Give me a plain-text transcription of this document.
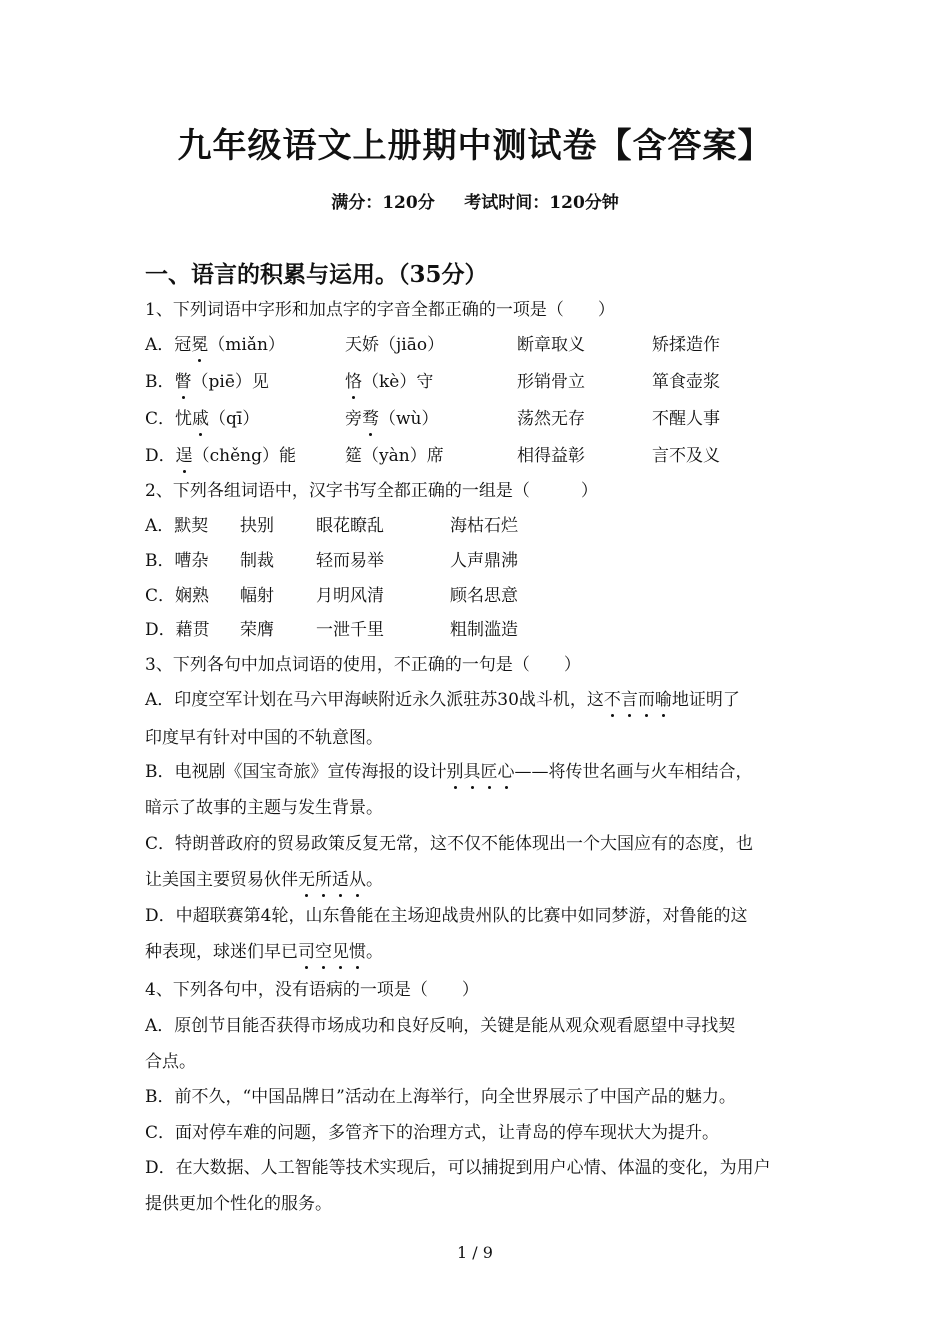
九年级语文上册期中测试卷【含答案】
满分：120分     考试时间：120分钟
一、语言的积累与运用。（35分）
1、下列词语中字形和加点字的字音全都正确的一项是（　　）
A．冠冕（miǎn）	天娇（jiāo）	断章取义	矫揉造作
B．瞥（piē）见	恪（kè）守	形销骨立	箪食壶浆
C．忧戚（qī）	旁骛（wù）	荡然无存	不醒人事
D．逞（chěng）能	筵（yàn）席	相得益彰	言不及义
2、下列各组词语中，汉字书写全都正确的一组是（　　　）
A．默契 抉别 眼花瞭乱	海枯石烂
B．嘈杂 制裁 轻而易举	人声鼎沸
C．娴熟 幅射 月明风清	顾名思意
D．藉贯 荣膺 一泄千里	粗制滥造
3、下列各句中加点词语的使用，不正确的一句是（　　）
A．印度空军计划在马六甲海峡附近永久派驻苏30战斗机，这不言而喻地证明了
印度早有针对中国的不轨意图。
B．电视剧《国宝奇旅》宣传海报的设计别具匠心——将传世名画与火车相结合，
暗示了故事的主题与发生背景。
C．特朗普政府的贸易政策反复无常，这不仅不能体现出一个大国应有的态度，也
让美国主要贸易伙伴无所适从。
D．中超联赛第4轮，山东鲁能在主场迎战贵州队的比赛中如同梦游，对鲁能的这
种表现，球迷们早已司空见惯。
4、下列各句中，没有语病的一项是（　　）
A．原创节目能否获得市场成功和良好反响，关键是能从观众观看愿望中寻找契
合点。
B．前不久，“中国品牌日”活动在上海举行，向全世界展示了中国产品的魅力。
C．面对停车难的问题，多管齐下的治理方式，让青岛的停车现状大为提升。
D．在大数据、人工智能等技术实现后，可以捕捉到用户心情、体温的变化，为用户
提供更加个性化的服务。
1 / 9
